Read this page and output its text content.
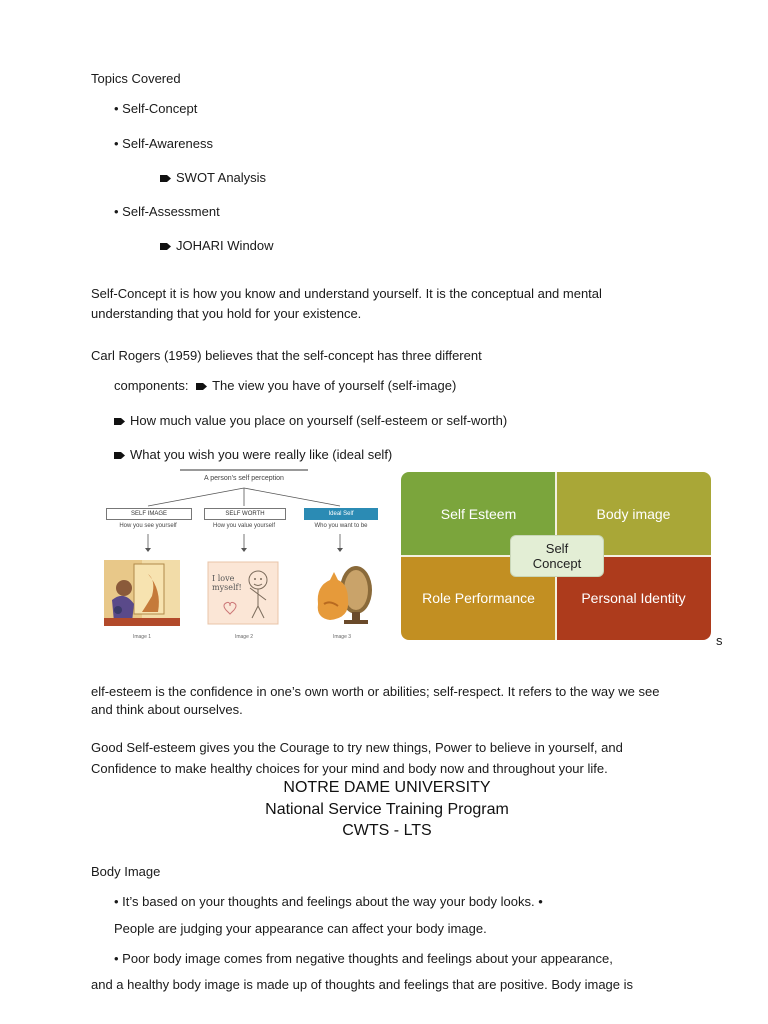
Topics Covered
• Self-Concept
• Self-Awareness
SWOT Analysis
• Self-Assessment
JOHARI Window
Self-Concept it is how you know and understand yourself. It is the conceptual and mental
understanding that you hold for your existence.
Carl Rogers (1959) believes that the self-concept has three different
components: The view you have of yourself (self-image)
How much value you place on yourself (self-esteem or self-worth)
What you wish you were really like (ideal self)
A person's self perception
SELF IMAGE	SELF WORTH	Ideal Self
How you see yourself	How you value yourself	Who you want to be
I love myself!
Image 1	Image 2	Image 3
Self Esteem	Body image
Role Performance	Personal Identity
Self
Concept
s
elf-esteem is the confidence in one’s own worth or abilities; self-respect. It refers to the way we see
and think about ourselves.
Good Self-esteem gives you the Courage to try new things, Power to believe in yourself, and
Confidence to make healthy choices for your mind and body now and throughout your life.
NOTRE DAME UNIVERSITY
National Service Training Program
CWTS - LTS
Body Image
• It’s based on your thoughts and feelings about the way your body looks. •
People are judging your appearance can affect your body image.
• Poor body image comes from negative thoughts and feelings about your appearance,
and a healthy body image is made up of thoughts and feelings that are positive. Body image is
